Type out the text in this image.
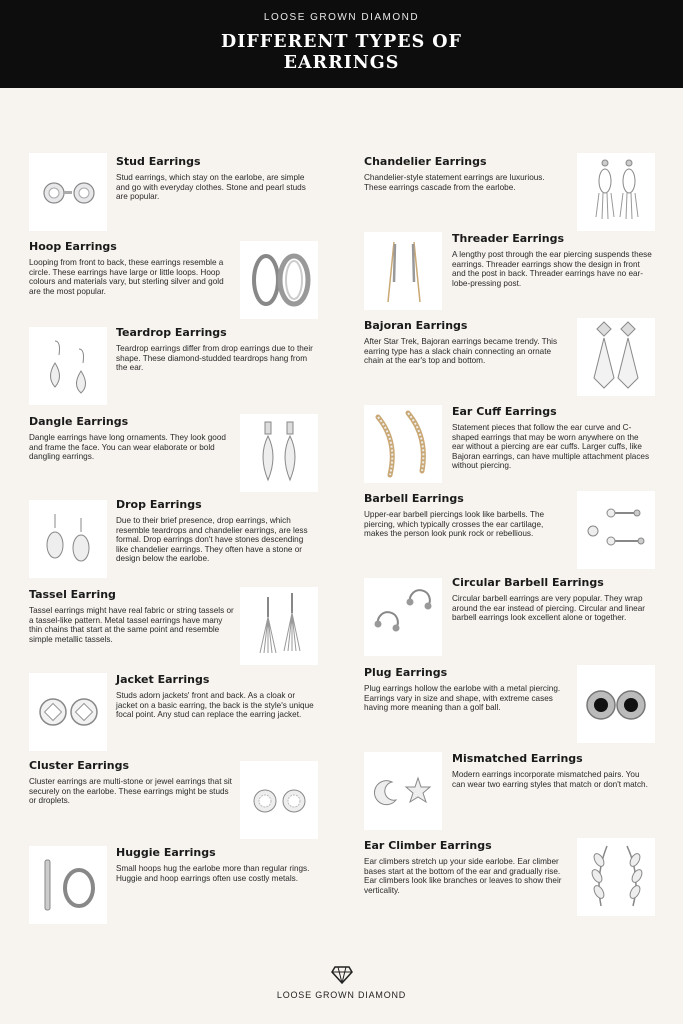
LOOSE GROWN DIAMOND
DIFFERENT TYPES OF
EARRINGS
Stud Earrings
Stud earrings, which stay on the earlobe, are simple and go with everyday clothes. Stone and pearl studs are popular.
Hoop Earrings
Looping from front to back, these earrings resemble a circle. These earrings have large or little loops. Hoop colours and materials vary, but sterling silver and gold are the most popular.
Teardrop Earrings
Teardrop earrings differ from drop earrings due to their shape. These diamond-studded teardrops hang from the ear.
Dangle Earrings
Dangle earrings have long ornaments. They look good and frame the face. You can wear elaborate or bold dangling earrings.
Drop Earrings
Due to their brief presence, drop earrings, which resemble teardrops and chandelier earrings, are less formal. Drop earrings don't have stones descending like chandelier earrings. They often have a stone or design below the earlobe.
Tassel Earring
Tassel earrings might have real fabric or string tassels or a tassel-like pattern. Metal tassel earrings have many thin chains that start at the same point and resemble simple metallic tassels.
Jacket Earrings
Studs adorn jackets' front and back. As a cloak or jacket on a basic earring, the back is the style's unique focal point. Any stud can replace the earring jacket.
Cluster Earrings
Cluster earrings are multi-stone or jewel earrings that sit securely on the earlobe. These earrings might be studs or droplets.
Huggie Earrings
Small hoops hug the earlobe more than regular rings. Huggie and hoop earrings often use costly metals.
Chandelier Earrings
Chandelier-style statement earrings are luxurious. These earrings cascade from the earlobe.
Threader Earrings
A lengthy post through the ear piercing suspends these earrings. Threader earrings show the design in front and the post in back. Threader earrings have no ear-lobe-pressing post.
Bajoran Earrings
After Star Trek, Bajoran earrings became trendy. This earring type has a slack chain connecting an ornate chain at the ear's top and bottom.
Ear Cuff Earrings
Statement pieces that follow the ear curve and C-shaped earrings that may be worn anywhere on the ear without a piercing are ear cuffs. Larger cuffs, like Bajoran earrings, can have multiple attachment places without piercing.
Barbell Earrings
Upper-ear barbell piercings look like barbells. The piercing, which typically crosses the ear cartilage, makes the person look punk rock or rebellious.
Circular Barbell Earrings
Circular barbell earrings are very popular. They wrap around the ear instead of piercing. Circular and linear barbell earrings look excellent alone or together.
Plug Earrings
Plug earrings hollow the earlobe with a metal piercing. Earrings vary in size and shape, with extreme cases having more meaning than a golf ball.
Mismatched Earrings
Modern earrings incorporate mismatched pairs. You can wear two earring styles that match or don't match.
Ear Climber Earrings
Ear climbers stretch up your side earlobe. Ear climber bases start at the bottom of the ear and gradually rise. Ear climbers look like branches or leaves to show their verticality.
LOOSE GROWN DIAMOND
